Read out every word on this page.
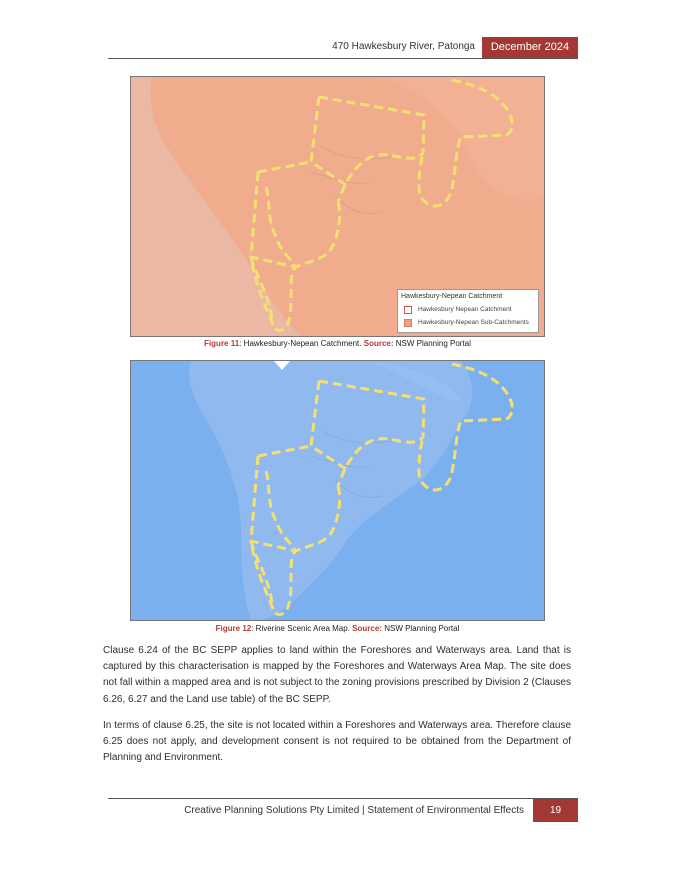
470 Hawkesbury River, Patonga	December 2024
Hawkesbury-Nepean Catchment
Hawkesbury Nepean Catchment
Hawkesbury-Nepean Sub-Catchments
Figure 11: Hawkesbury-Nepean Catchment. Source: NSW Planning Portal
Figure 12: Riverine Scenic Area Map. Source: NSW Planning Portal

Clause 6.24 of the BC SEPP applies to land within the Foreshores and Waterways area. Land that is captured by this characterisation is mapped by the Foreshores and Waterways Area Map. The site does not fall within a mapped area and is not subject to the zoning provisions prescribed by Division 2 (Clauses 6.26, 6.27 and the Land use table) of the BC SEPP.

In terms of clause 6.25, the site is not located within a Foreshores and Waterways area. Therefore clause 6.25 does not apply, and development consent is not required to be obtained from the Department of Planning and Environment.

Creative Planning Solutions Pty Limited | Statement of Environmental Effects	19
